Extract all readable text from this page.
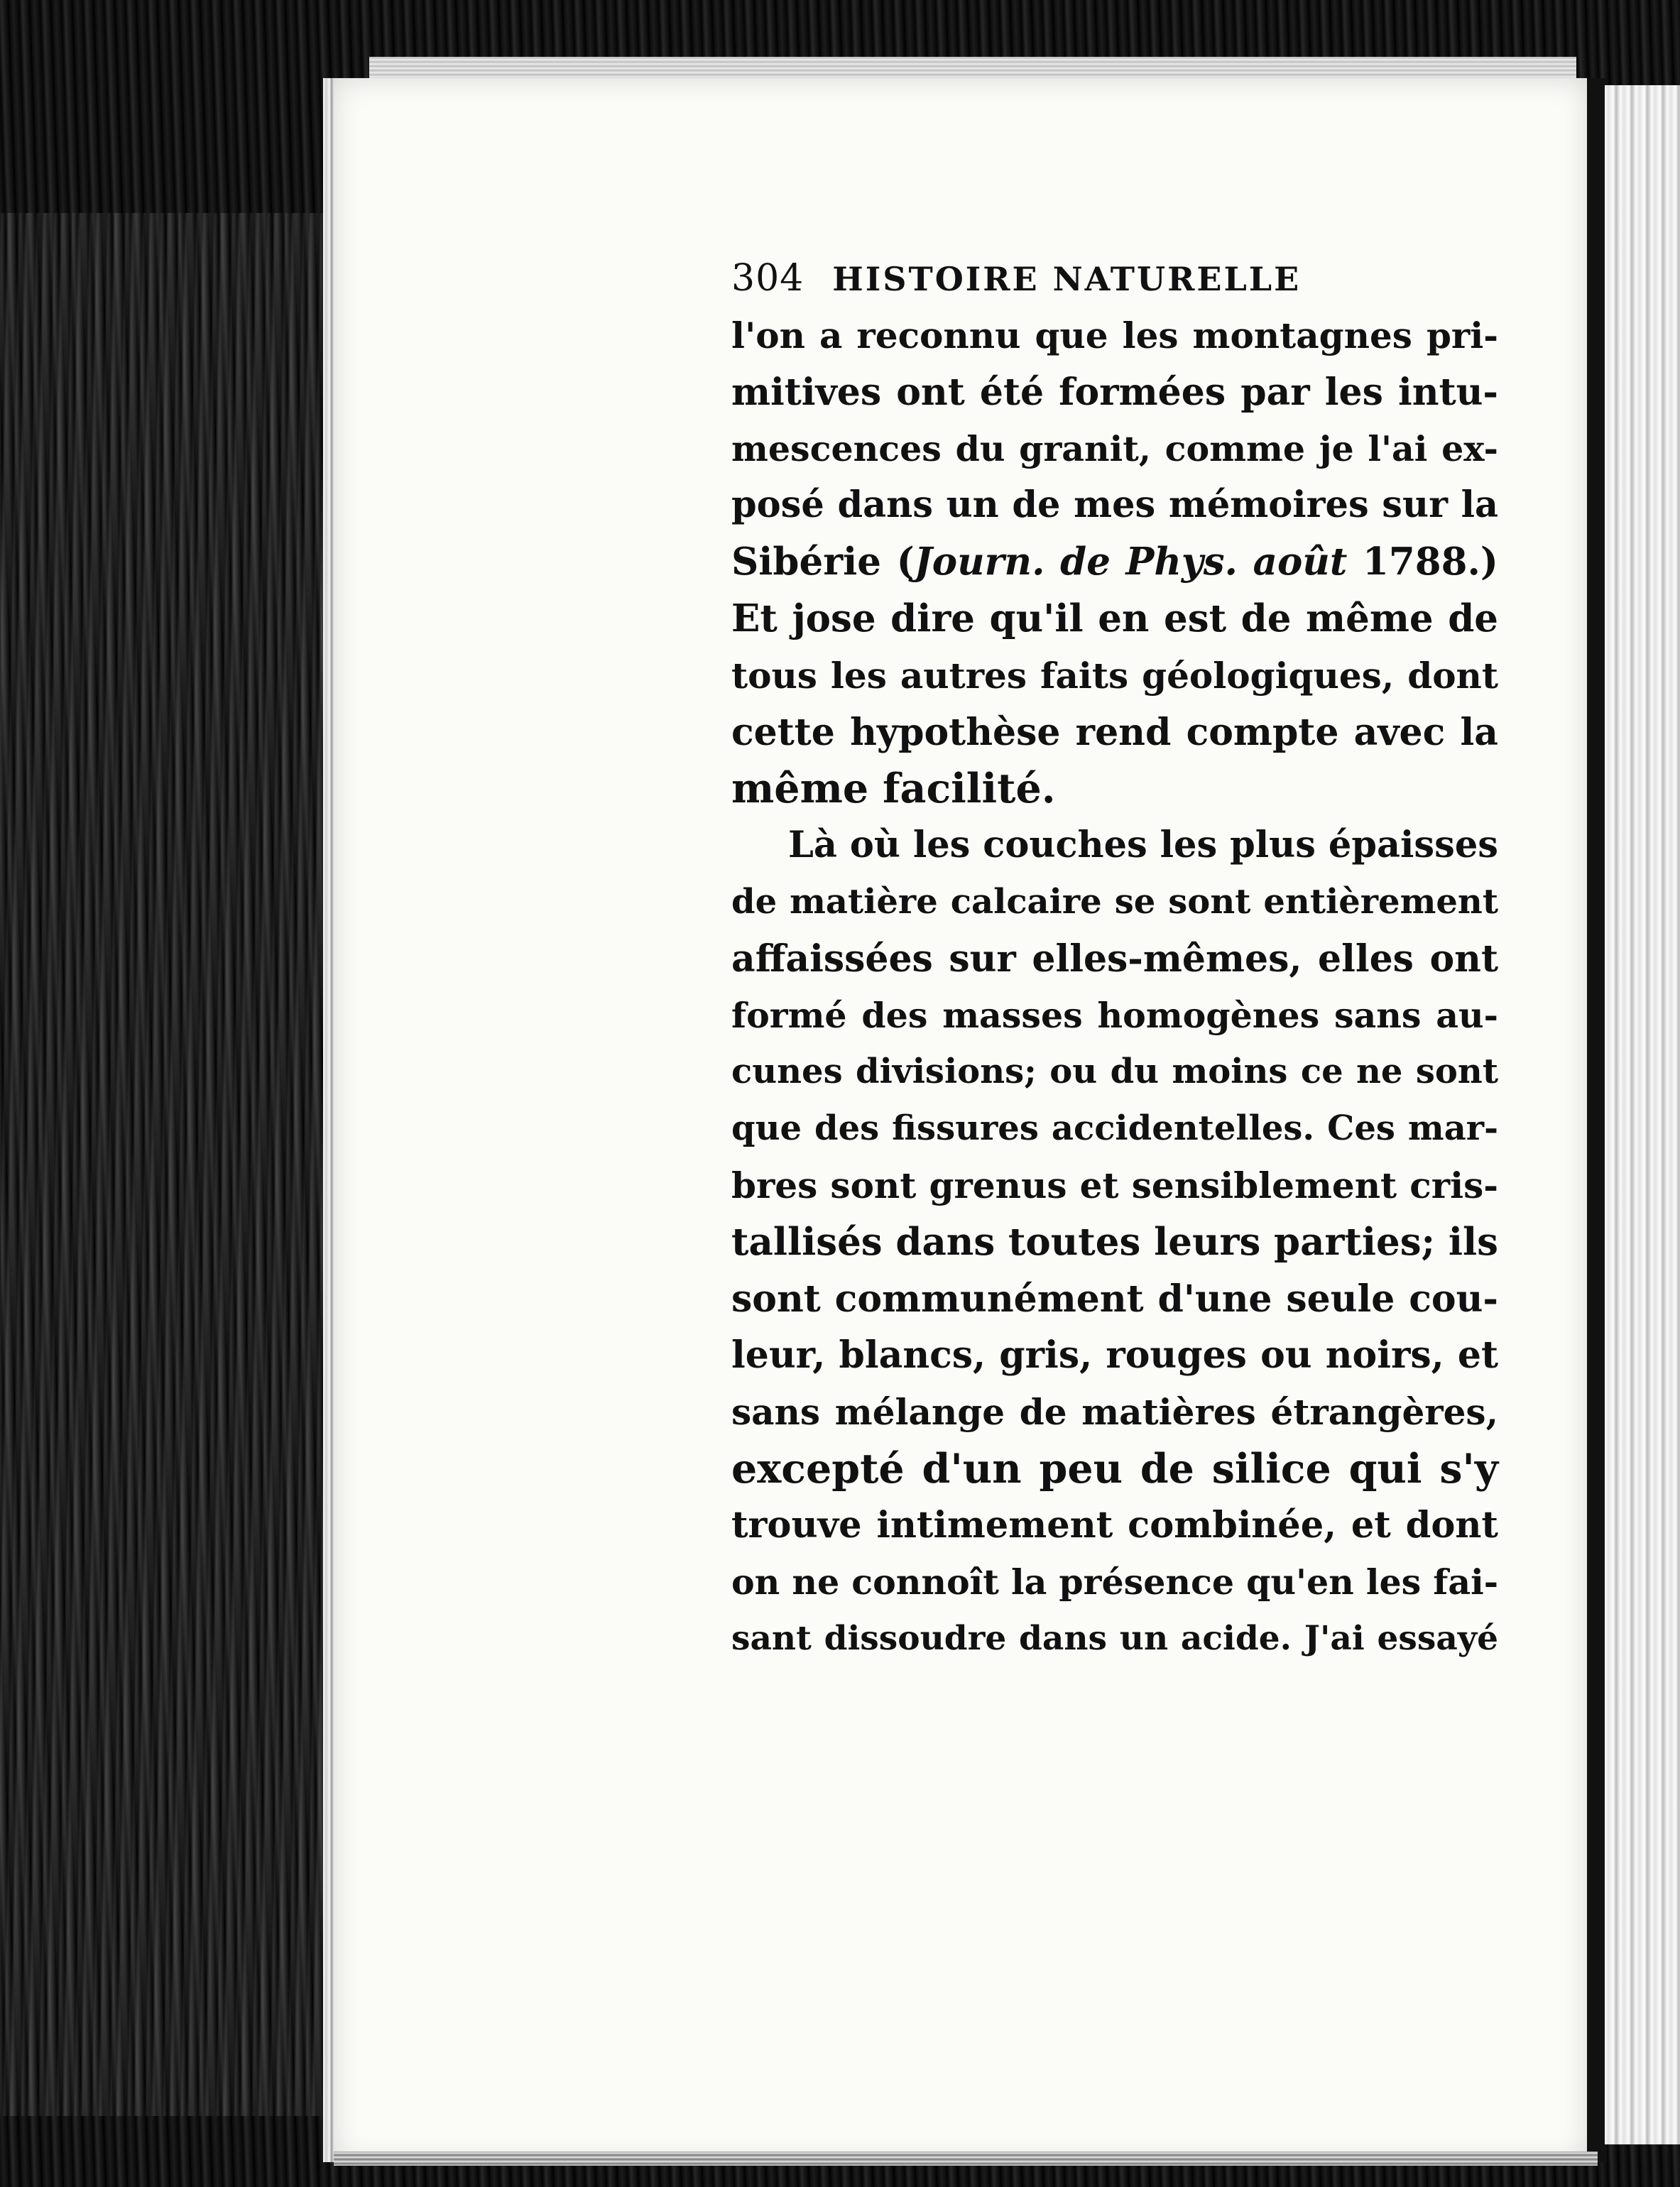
304 HISTOIRE NATURELLE
l'on a reconnu que les montagnes pri-
mitives ont été formées par les intu-
mescences du granit, comme je l'ai ex-
posé dans un de mes mémoires sur la
Sibérie (Journ. de Phys. août 1788.)
Et jose dire qu'il en est de même de
tous les autres faits géologiques, dont
cette hypothèse rend compte avec la
même facilité.
Là où les couches les plus épaisses
de matière calcaire se sont entièrement
affaissées sur elles-mêmes, elles ont
formé des masses homogènes sans au-
cunes divisions; ou du moins ce ne sont
que des fissures accidentelles. Ces mar-
bres sont grenus et sensiblement cris-
tallisés dans toutes leurs parties; ils
sont communément d'une seule cou-
leur, blancs, gris, rouges ou noirs, et
sans mélange de matières étrangères,
excepté d'un peu de silice qui s'y
trouve intimement combinée, et dont
on ne connoît la présence qu'en les fai-
sant dissoudre dans un acide. J'ai essayé
